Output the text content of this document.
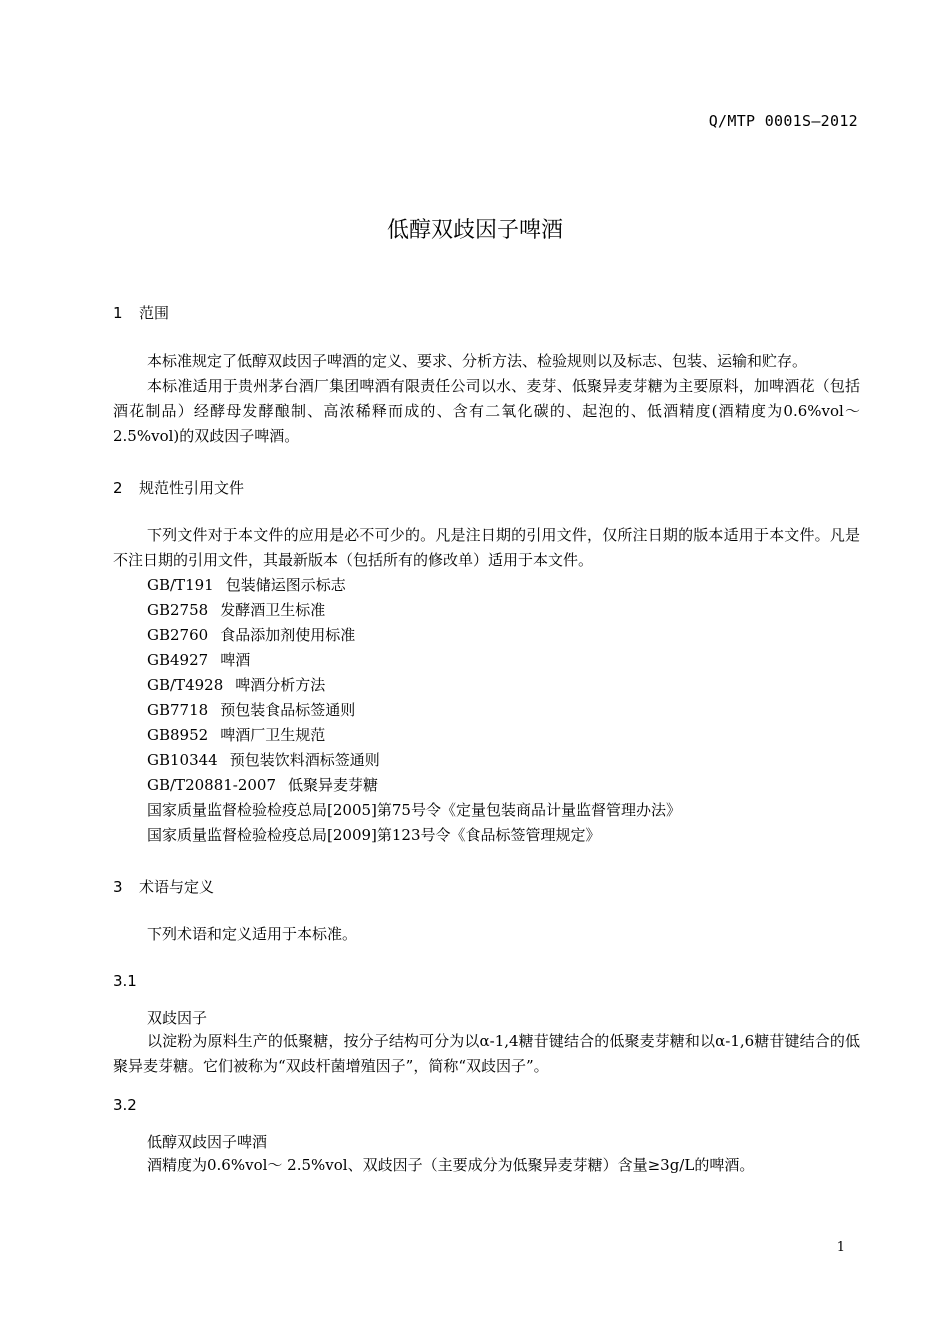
Q/MTP 0001S—2012
低醇双歧因子啤酒
1 范围

本标准规定了低醇双歧因子啤酒的定义、要求、分析方法、检验规则以及标志、包装、运输和贮存。

本标准适用于贵州茅台酒厂集团啤酒有限责任公司以水、麦芽、低聚异麦芽糖为主要原料，加啤酒花（包括酒花制品）经酵母发酵酿制、高浓稀释而成的、含有二氧化碳的、起泡的、低酒精度(酒精度为0.6%vol～ 2.5%vol)的双歧因子啤酒。

2 规范性引用文件

下列文件对于本文件的应用是必不可少的。凡是注日期的引用文件，仅所注日期的版本适用于本文件。凡是不注日期的引用文件，其最新版本（包括所有的修改单）适用于本文件。

GB/T191 包装储运图示标志
GB2758 发酵酒卫生标准
GB2760 食品添加剂使用标准
GB4927 啤酒
GB/T4928 啤酒分析方法
GB7718 预包装食品标签通则
GB8952 啤酒厂卫生规范
GB10344 预包装饮料酒标签通则
GB/T20881-2007 低聚异麦芽糖
国家质量监督检验检疫总局[2005]第75号令《定量包装商品计量监督管理办法》
国家质量监督检验检疫总局[2009]第123号令《食品标签管理规定》
3 术语与定义

下列术语和定义适用于本标准。

3.1
双歧因子

以淀粉为原料生产的低聚糖，按分子结构可分为以α-1,4糖苷键结合的低聚麦芽糖和以α-1,6糖苷键结合的低聚异麦芽糖。它们被称为“双歧杆菌增殖因子”，简称“双歧因子”。

3.2
低醇双歧因子啤酒

酒精度为0.6%vol～ 2.5%vol、双歧因子（主要成分为低聚异麦芽糖）含量≥3g/L的啤酒。

1
